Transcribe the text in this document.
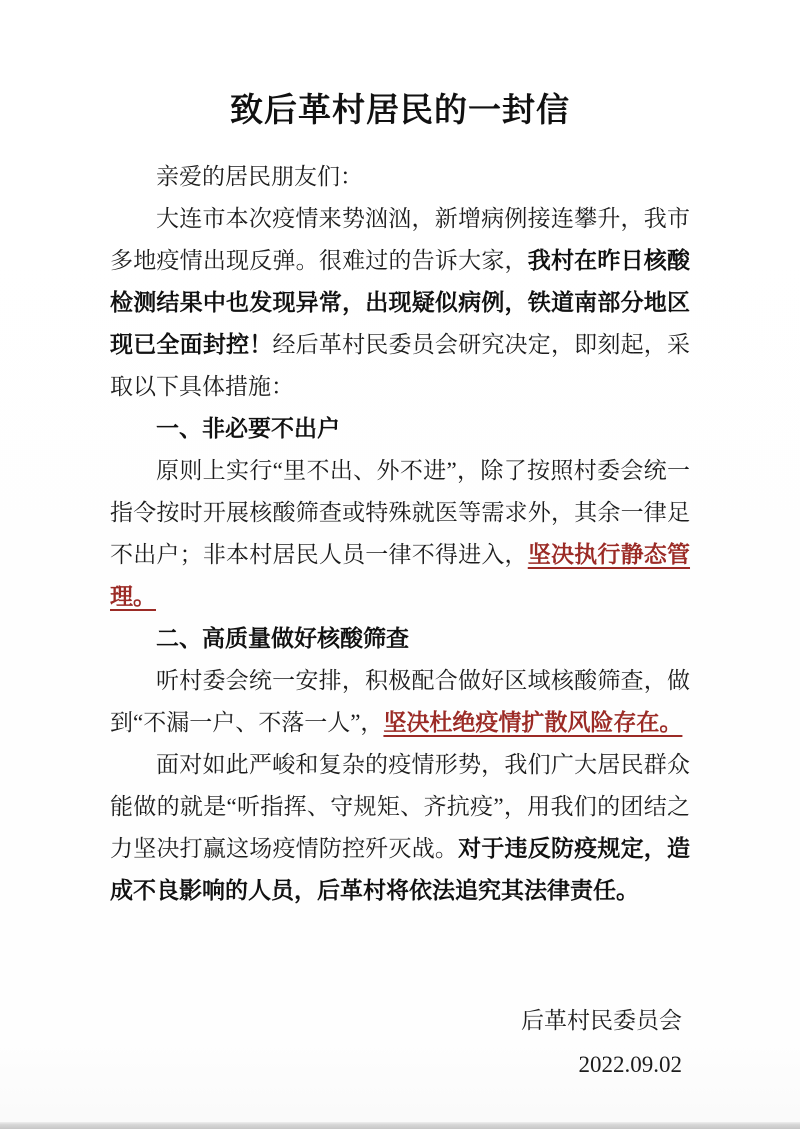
致后革村居民的一封信

亲爱的居民朋友们：

大连市本次疫情来势汹汹，新增病例接连攀升，我市多地疫情出现反弹。很难过的告诉大家，我村在昨日核酸检测结果中也发现异常，出现疑似病例，铁道南部分地区现已全面封控！经后革村民委员会研究决定，即刻起，采取以下具体措施：

一、非必要不出户

原则上实行“里不出、外不进”，除了按照村委会统一指令按时开展核酸筛查或特殊就医等需求外，其余一律足不出户；非本村居民人员一律不得进入，坚决执行静态管理。

二、高质量做好核酸筛查

听村委会统一安排，积极配合做好区域核酸筛查，做到“不漏一户、不落一人”，坚决杜绝疫情扩散风险存在。

面对如此严峻和复杂的疫情形势，我们广大居民群众能做的就是“听指挥、守规矩、齐抗疫”，用我们的团结之力坚决打赢这场疫情防控歼灭战。对于违反防疫规定，造成不良影响的人员，后革村将依法追究其法律责任。

后革村民委员会

2022.09.02
